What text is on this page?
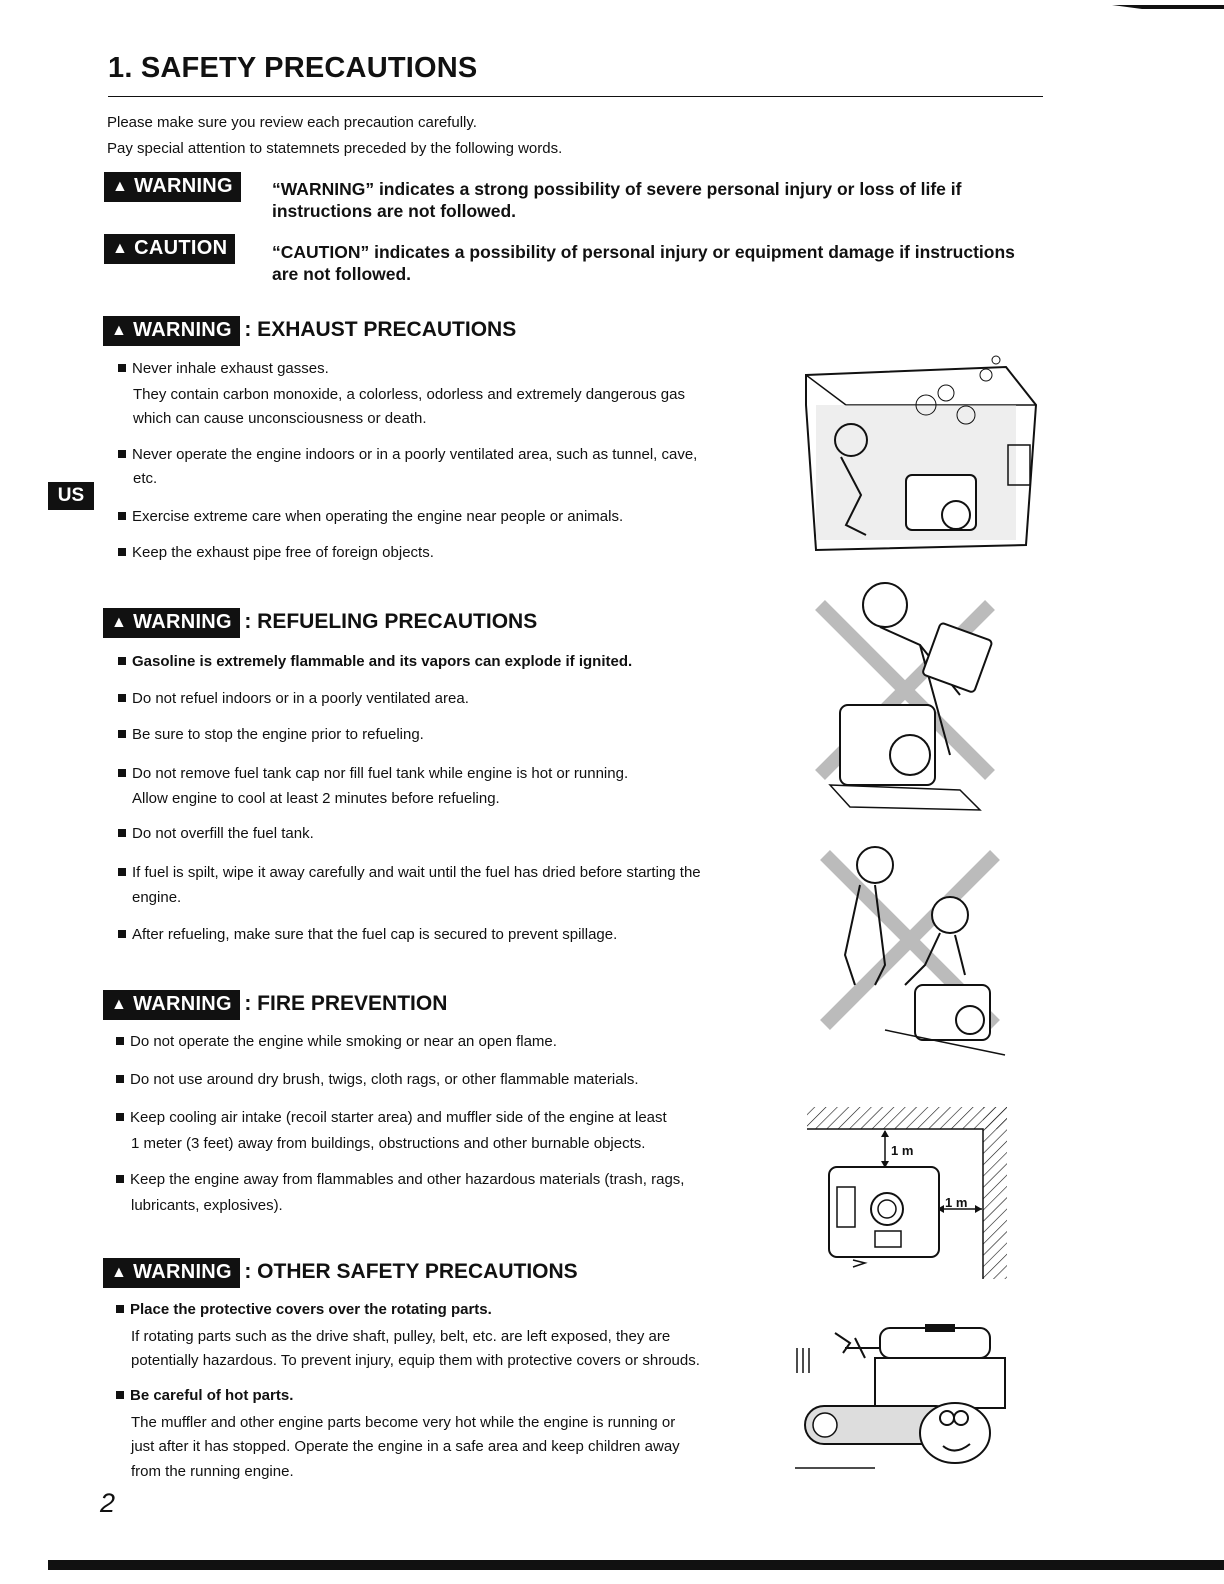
1. SAFETY PRECAUTIONS
Please make sure you review each precaution carefully.
Pay special attention to statemnets preceded by the following words.
▲ WARNING	“WARNING” indicates a strong possibility of severe personal injury or loss of life if
instructions are not followed.
▲ CAUTION	“CAUTION” indicates a possibility of personal injury or equipment damage if instructions
are not followed.
US
▲ WARNING : EXHAUST PRECAUTIONS
Never inhale exhaust gasses.
They contain carbon monoxide, a colorless, odorless and extremely dangerous gas
which can cause unconsciousness or death.
Never operate the engine indoors or in a poorly ventilated area, such as tunnel, cave,
etc.
Exercise extreme care when operating the engine near people or animals.
Keep the exhaust pipe free of foreign objects.
▲ WARNING : REFUELING PRECAUTIONS
Gasoline is extremely flammable and its vapors can explode if ignited.
Do not refuel indoors or in a poorly ventilated area.
Be sure to stop the engine prior to refueling.
Do not remove fuel tank cap nor fill fuel tank while engine is hot or running.
Allow engine to cool at least 2 minutes before refueling.
Do not overfill the fuel tank.
If fuel is spilt, wipe it away carefully and wait until the fuel has dried before starting the
engine.
After refueling, make sure that the fuel cap is secured to prevent spillage.
▲ WARNING : FIRE PREVENTION
Do not operate the engine while smoking or near an open flame.
Do not use around dry brush, twigs, cloth rags, or other flammable materials.
Keep cooling air intake (recoil starter area) and muffler side of the engine at least
1 meter (3 feet) away from buildings, obstructions and other burnable objects.
Keep the engine away from flammables and other hazardous materials (trash, rags,
lubricants, explosives).
1 m
1 m
▲ WARNING : OTHER SAFETY PRECAUTIONS
Place the protective covers over the rotating parts.
If rotating parts such as the drive shaft, pulley, belt, etc. are left exposed, they are
potentially hazardous. To prevent injury, equip them with protective covers or shrouds.
Be careful of hot parts.
The muffler and other engine parts become very hot while the engine is running or
just after it has stopped. Operate the engine in a safe area and keep children away
from the running engine.
2
